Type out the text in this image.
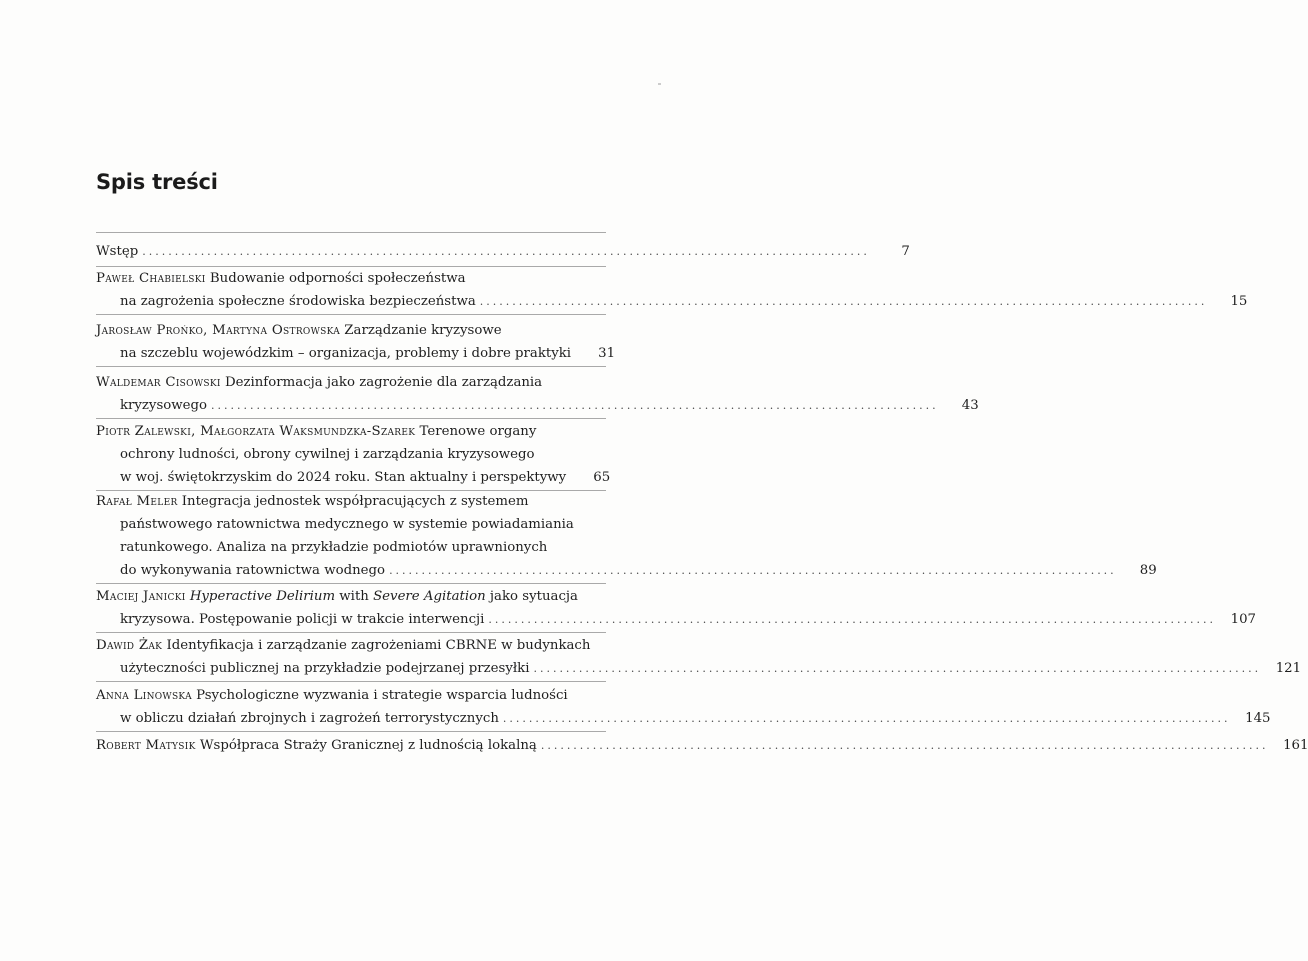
Spis treści
Wstęp ................................................................................................................	7
Paweł Chabielski Budowanie odporności społeczeństwa
na zagrożenia społeczne środowiska bezpieczeństwa ................................................................................................................	15
Jarosław Prońko, Martyna Ostrowska Zarządzanie kryzysowe
na szczeblu wojewódzkim – organizacja, problemy i dobre praktyki	31
Waldemar Cisowski Dezinformacja jako zagrożenie dla zarządzania
kryzysowego ................................................................................................................	43
Piotr Zalewski, Małgorzata Waksmundzka-Szarek Terenowe organy
ochrony ludności, obrony cywilnej i zarządzania kryzysowego
w woj. świętokrzyskim do 2024 roku. Stan aktualny i perspektywy	65
Rafał Meler Integracja jednostek współpracujących z systemem
państwowego ratownictwa medycznego w systemie powiadamiania
ratunkowego. Analiza na przykładzie podmiotów uprawnionych
do wykonywania ratownictwa wodnego ................................................................................................................	89
Maciej Janicki Hyperactive Delirium with Severe Agitation jako sytuacja
kryzysowa. Postępowanie policji w trakcie interwencji ................................................................................................................	107
Dawid Żak Identyfikacja i zarządzanie zagrożeniami CBRNE w budynkach
użyteczności publicznej na przykładzie podejrzanej przesyłki ................................................................................................................	121
Anna Linowska Psychologiczne wyzwania i strategie wsparcia ludności
w obliczu działań zbrojnych i zagrożeń terrorystycznych ................................................................................................................	145
Robert Matysik Współpraca Straży Granicznej z ludnością lokalną ................................................................................................................	161
